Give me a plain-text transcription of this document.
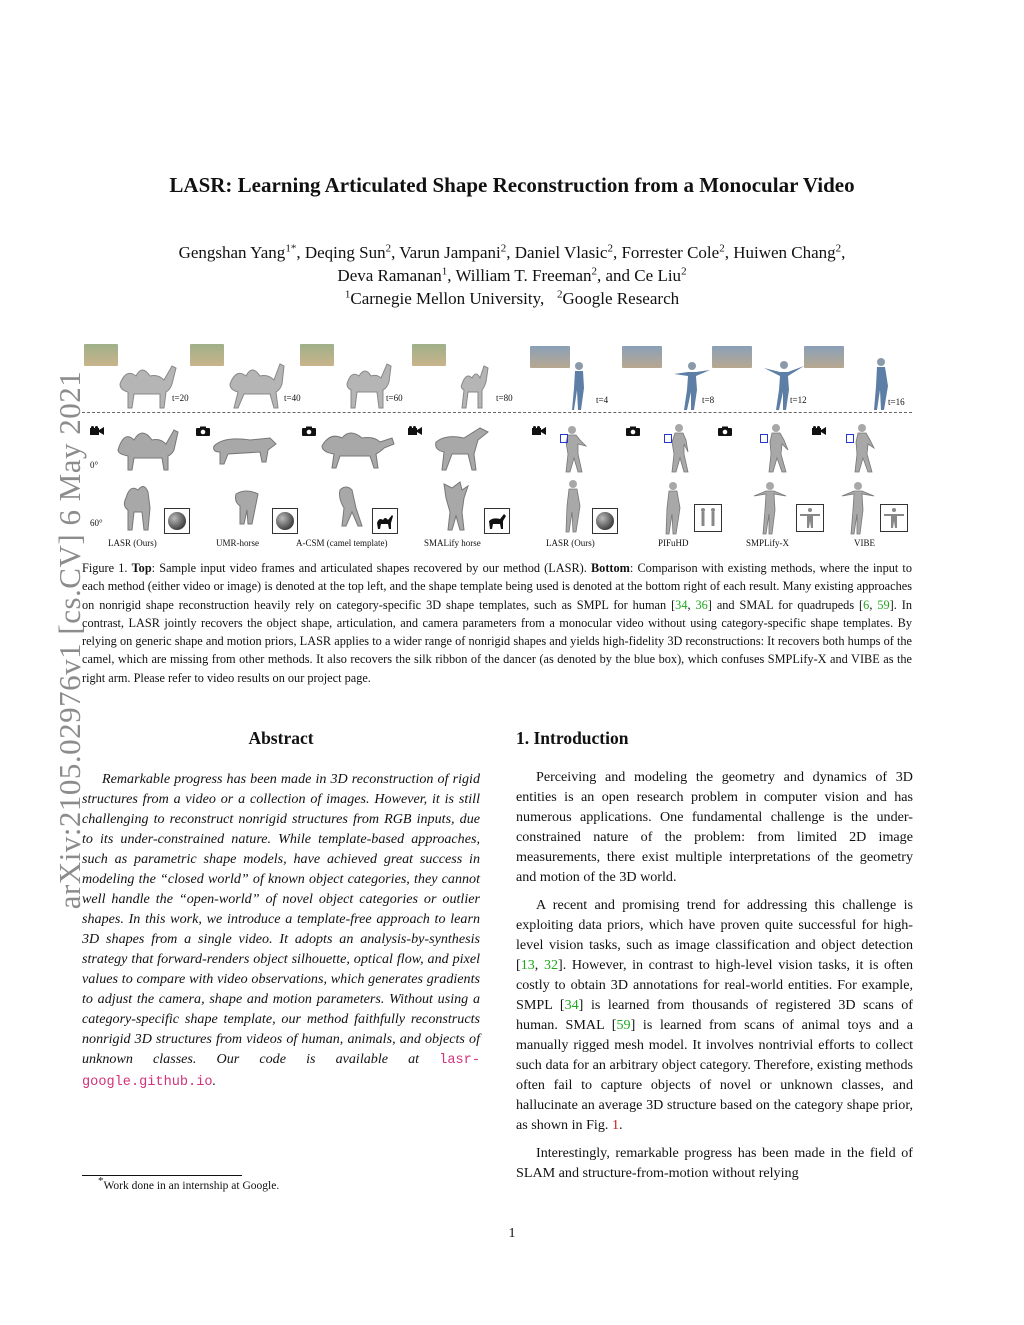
arXiv:2105.02976v1 [cs.CV] 6 May 2021
LASR: Learning Articulated Shape Reconstruction from a Monocular Video
Gengshan Yang$^{1*}$, Deqing Sun$^2$, Varun Jampani$^2$, Daniel Vlasic$^2$, Forrester Cole$^2$, Huiwen Chang$^2$,
Deva Ramanan$^1$, William T. Freeman$^2$, and Ce Liu$^2$
$^1$Carnegie Mellon University, $^2$Google Research
t=20	t=40	t=60	t=80	t=4	t=8	t=12	t=16
0°
60°
LASR (Ours)	UMR-horse	A-CSM (camel template)	SMALify horse	LASR (Ours)	PIFuHD	SMPLify-X	VIBE
Figure 1. Top: Sample input video frames and articulated shapes recovered by our method (LASR). Bottom: Comparison with existing methods, where the input to each method (either video or image) is denoted at the top left, and the shape template being used is denoted at the bottom right of each result. Many existing approaches on nonrigid shape reconstruction heavily rely on category-specific 3D shape templates, such as SMPL for human [34, 36] and SMAL for quadrupeds [6, 59]. In contrast, LASR jointly recovers the object shape, articulation, and camera parameters from a monocular video without using category-specific shape templates. By relying on generic shape and motion priors, LASR applies to a wider range of nonrigid shapes and yields high-fidelity 3D reconstructions: It recovers both humps of the camel, which are missing from other methods. It also recovers the silk ribbon of the dancer (as denoted by the blue box), which confuses SMPLify-X and VIBE as the right arm. Please refer to video results on our project page.
Abstract
Remarkable progress has been made in 3D reconstruction of rigid structures from a video or a collection of images. However, it is still challenging to reconstruct nonrigid structures from RGB inputs, due to its under-constrained nature. While template-based approaches, such as parametric shape models, have achieved great success in modeling the “closed world” of known object categories, they cannot well handle the “open-world” of novel object categories or outlier shapes. In this work, we introduce a template-free approach to learn 3D shapes from a single video. It adopts an analysis-by-synthesis strategy that forward-renders object silhouette, optical flow, and pixel values to compare with video observations, which generates gradients to adjust the camera, shape and motion parameters. Without using a category-specific shape template, our method faithfully reconstructs nonrigid 3D structures from videos of human, animals, and objects of unknown classes. Our code is available at lasr-google.github.io.
1. Introduction

Perceiving and modeling the geometry and dynamics of 3D entities is an open research problem in computer vision and has numerous applications. One fundamental challenge is the under-constrained nature of the problem: from limited 2D image measurements, there exist multiple interpretations of the geometry and motion of the 3D world.

A recent and promising trend for addressing this challenge is exploiting data priors, which have proven quite successful for high-level vision tasks, such as image classification and object detection [13, 32]. However, in contrast to high-level vision tasks, it is often costly to obtain 3D annotations for real-world entities. For example, SMPL [34] is learned from thousands of registered 3D scans of human. SMAL [59] is learned from scans of animal toys and a manually rigged mesh model. It involves nontrivial efforts to collect such data for an arbitrary object category. Therefore, existing methods often fail to capture objects of novel or unknown classes, and hallucinate an average 3D structure based on the category shape prior, as shown in Fig. 1.

Interestingly, remarkable progress has been made in the field of SLAM and structure-from-motion without relying

*Work done in an internship at Google.
1
